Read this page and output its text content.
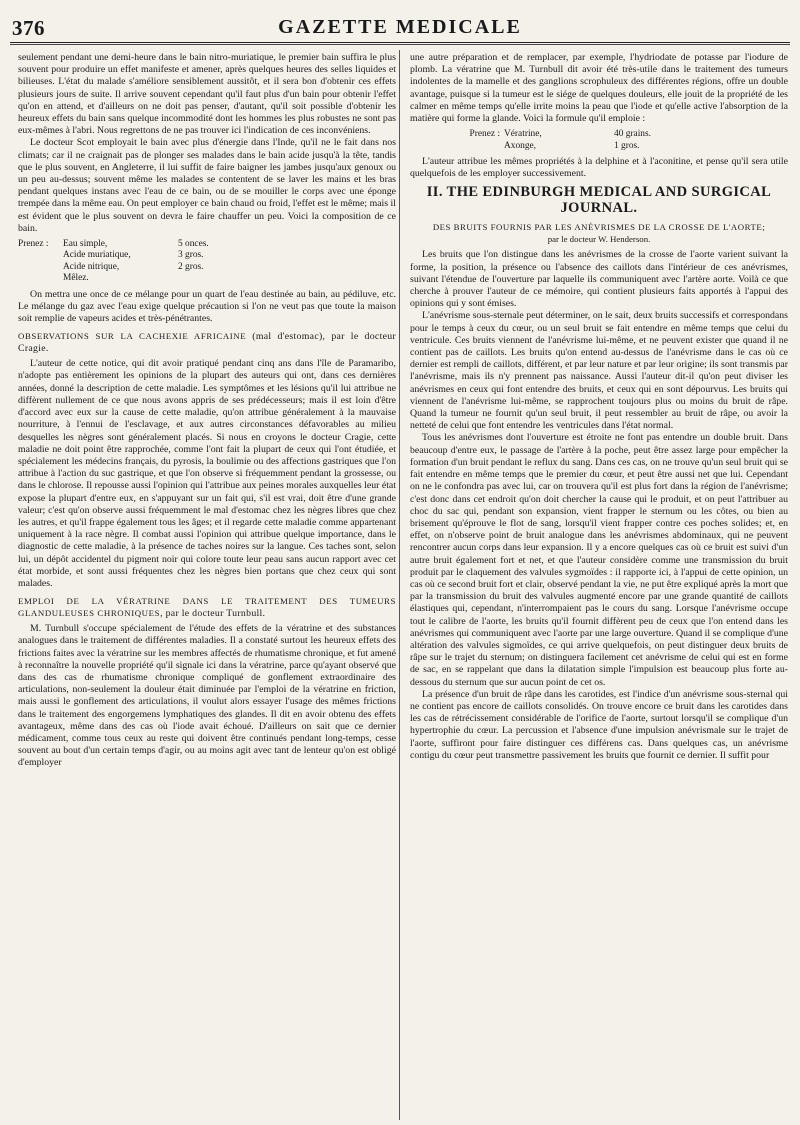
376	GAZETTE MEDICALE

seulement pendant une demi-heure dans le bain nitro-muriatique, le premier bain suffira le plus souvent pour produire un effet manifeste et amener, après quelques heures des selles liquides et bilieuses. L'état du malade s'améliore sensiblement aussitôt, et il sera bon d'obtenir ces effets plusieurs jours de suite. Il arrive souvent cependant qu'il faut plus d'un bain pour obtenir l'effet qu'on en attend, et d'ailleurs on ne doit pas penser, d'autant, qu'il soit possible d'obtenir les heureux effets du bain sans quelque incommodité dont les hommes les plus robustes ne sont pas eux-mêmes à l'abri. Nous regrettons de ne pas trouver ici l'indication de ces inconvéniens.

Le docteur Scot employait le bain avec plus d'énergie dans l'Inde, qu'il ne le fait dans nos climats; car il ne craignait pas de plonger ses malades dans le bain acide jusqu'à la tête, tandis que le plus souvent, en Angleterre, il lui suffit de faire baigner les jambes jusqu'aux genoux ou un peu au-dessus; souvent même les malades se contentent de se laver les mains et les bras pendant quelques instans avec l'eau de ce bain, ou de se mouiller le corps avec une éponge trempée dans la même eau. On peut employer ce bain chaud ou froid, l'effet est le même; mais il est évident que le plus souvent on devra le faire chauffer un peu. Voici la composition de ce bain.

Prenez :	Eau simple,	5 onces.
Acide muriatique,	3 gros.
Acide nitrique,	2 gros.
Mêlez.

On mettra une once de ce mélange pour un quart de l'eau destinée au bain, au pédiluve, etc. Le mélange du gaz avec l'eau exige quelque précaution si l'on ne veut pas que toute la maison soit remplie de vapeurs acides et très-pénétrantes.

OBSERVATIONS SUR LA CACHEXIE AFRICAINE (mal d'estomac), par le docteur Cragie.

L'auteur de cette notice, qui dit avoir pratiqué pendant cinq ans dans l'île de Paramaribo, n'adopte pas entièrement les opinions de la plupart des auteurs qui ont, dans ces dernières années, donné la description de cette maladie. Les symptômes et les lésions qu'il lui attribue ne diffèrent nullement de ce que nous avons appris de ses prédécesseurs; mais il est loin d'être d'accord avec eux sur la cause de cette maladie, qu'on attribue généralement à la mauvaise nourriture, à l'ennui de l'esclavage, et aux autres circonstances défavorables au milieu desquelles les nègres sont généralement placés. Si nous en croyons le docteur Cragie, cette maladie ne doit point être rapprochée, comme l'ont fait la plupart de ceux qui l'ont étudiée, et spécialement les médecins français, du pyrosis, la boulimie ou des affections gastriques que l'on attribue à l'action du suc gastrique, et que l'on observe si fréquemment pendant la grossesse, ou dans le chlorose. Il repousse aussi l'opinion qui l'attribue aux peines morales auxquelles leur état expose la plupart d'entre eux, en s'appuyant sur un fait qui, s'il est vrai, doit être d'une grande valeur; c'est qu'on observe aussi fréquemment le mal d'estomac chez les nègres libres que chez les autres, et qu'il frappe également tous les âges; et il regarde cette maladie comme appartenant uniquement à la race nègre. Il combat aussi l'opinion qui attribue quelque importance, dans le diagnostic de cette maladie, à la présence de taches noires sur la langue. Ces taches sont, selon lui, un dépôt accidentel du pigment noir qui colore toute leur peau sans aucun rapport avec cet état morbide, et sont aussi fréquentes chez les nègres bien portans que chez ceux qui sont malades.

EMPLOI DE LA VÉRATRINE DANS LE TRAITEMENT DES TUMEURS GLANDULEUSES CHRONIQUES, par le docteur Turnbull.

M. Turnbull s'occupe spécialement de l'étude des effets de la vératrine et des substances analogues dans le traitement de différentes maladies. Il a constaté surtout les heureux effets des frictions faites avec la vératrine sur les membres affectés de rhumatisme chronique, et fut amené à reconnaître la nouvelle propriété qu'il signale ici dans la vératrine, parce qu'ayant observé que dans des cas de rhumatisme chronique compliqué de gonflement extraordinaire des articulations, non-seulement la douleur était diminuée par l'emploi de la vératrine en friction, mais aussi le gonflement des articulations, il voulut alors essayer l'usage des mêmes frictions dans le traitement des engorgemens lymphatiques des glandes. Il dit en avoir obtenu des effets avantageux, même dans des cas où l'iode avait échoué. D'ailleurs on sait que ce dernier médicament, comme tous ceux au reste qui doivent être continués pendant long-temps, cesse souvent au bout d'un certain temps d'agir, ou au moins agit avec tant de lenteur qu'on est obligé d'employer

une autre préparation et de remplacer, par exemple, l'hydriodate de potasse par l'iodure de plomb. La vératrine que M. Turnbull dit avoir été très-utile dans le traitement des tumeurs indolentes de la mamelle et des ganglions scrophuleux des différentes régions, offre un double avantage, puisque si la tumeur est le siége de quelques douleurs, elle jouit de la propriété de les calmer en même temps qu'elle irrite moins la peau que l'iode et qu'elle active l'absorption de la matière qui forme la glande. Voici la formule qu'il emploie :

Prenez : Vératrine,	40 grains.
Axonge,	1 gros.

L'auteur attribue les mêmes propriétés à la delphine et à l'aconitine, et pense qu'il sera utile quelquefois de les employer successivement.

II. THE EDINBURGH MEDICAL AND SURGICAL JOURNAL.
DES BRUITS FOURNIS PAR LES ANÉVRISMES DE LA CROSSE DE L'AORTE;
par le docteur W. Henderson.

Les bruits que l'on distingue dans les anévrismes de la crosse de l'aorte varient suivant la forme, la position, la présence ou l'absence des caillots dans l'intérieur de ces anévrismes, suivant l'étendue de l'ouverture par laquelle ils communiquent avec l'artère aorte. Voilà ce que cherche à prouver l'auteur de ce mémoire, qui contient plusieurs faits apportés à l'appui des opinions qui y sont émises.

L'anévrisme sous-sternale peut déterminer, on le sait, deux bruits successifs et correspondans pour le temps à ceux du cœur, ou un seul bruit se fait entendre en même temps que celui du ventricule. Ces bruits viennent de l'anévrisme lui-même, et ne peuvent exister que quand il ne contient pas de caillots. Les bruits qu'on entend au-dessus de l'anévrisme dans le cas où ce dernier est rempli de caillots, différent, et par leur nature et par leur origine; ils sont transmis par l'anévrisme, mais ils n'y prennent pas naissance. Aussi l'auteur dit-il qu'on peut diviser les anévrismes en ceux qui font entendre des bruits, et ceux qui en sont dépourvus. Les bruits qui viennent de l'anévrisme lui-même, se rapprochent toujours plus ou moins du bruit de râpe. Quand la tumeur ne fournit qu'un seul bruit, il peut ressembler au bruit de râpe, ou avoir la netteté de celui que font entendre les ventricules dans l'état normal.

Tous les anévrismes dont l'ouverture est étroite ne font pas entendre un double bruit. Dans beaucoup d'entre eux, le passage de l'artère à la poche, peut être assez large pour empêcher la formation d'un bruit pendant le reflux du sang. Dans ces cas, on ne trouve qu'un seul bruit qui se fait entendre en même temps que le premier du cœur, et peut être aussi net que lui. Cependant on ne le confondra pas avec lui, car on trouvera qu'il est plus fort dans la région de l'anévrisme; c'est donc dans cet endroit qu'on doit chercher la cause qui le produit, et on peut l'attribuer au choc du sac qui, pendant son expansion, vient frapper le sternum ou les côtes, ou bien au brisement qu'éprouve le flot de sang, lorsqu'il vient frapper contre ces poches solides; et, en effet, on n'observe point de bruit analogue dans les anévrismes abdominaux, qui ne peuvent rencontrer aucun corps dans leur expansion. Il y a encore quelques cas où ce bruit est suivi d'un autre bruit également fort et net, et que l'auteur considère comme une transmission du bruit produit par le claquement des valvules sygmoïdes : il rapporte ici, à l'appui de cette opinion, un cas où ce second bruit fort et clair, observé pendant la vie, ne put être expliqué après la mort que par la transmission du bruit des valvules augmenté encore par une grande quantité de caillots élastiques qui, cependant, n'interrompaient pas le cours du sang. Lorsque l'anévrisme occupe tout le calibre de l'aorte, les bruits qu'il fournit diffèrent peu de ceux que l'on entend dans les anévrismes qui communiquent avec l'aorte par une large ouverture. Quand il se complique d'une altération des valvules sigmoïdes, ce qui arrive quelquefois, on peut distinguer deux bruits de râpe sur le trajet du sternum; on distinguera facilement cet anévrisme de celui qui est en forme de sac, en se rappelant que dans la dilatation simple l'impulsion est beaucoup plus forte au-dessous du sternum que sur aucun point de cet os.

La présence d'un bruit de râpe dans les carotides, est l'indice d'un anévrisme sous-sternal qui ne contient pas encore de caillots consolidés. On trouve encore ce bruit dans les carotides dans les cas de rétrécissement considérable de l'orifice de l'aorte, surtout lorsqu'il se complique d'un hypertrophie du cœur. La percussion et l'absence d'une impulsion anévrismale sur le trajet de l'aorte, suffiront pour faire distinguer ces différens cas. Dans quelques cas, un anévrisme contigu du cœur peut transmettre passivement les bruits que fournit ce dernier. Il suffit pour
